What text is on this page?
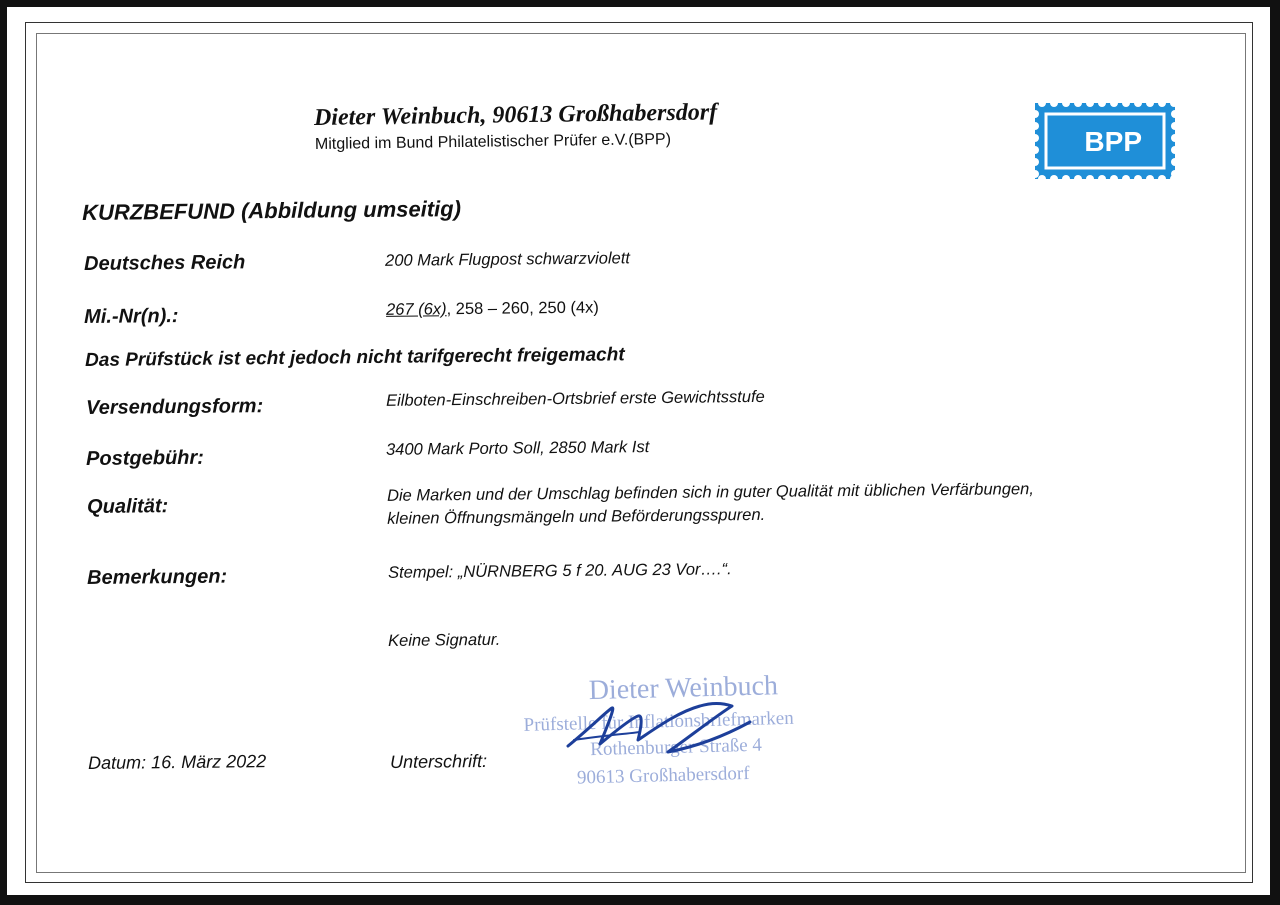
Dieter Weinbuch, 90613 Großhabersdorf
Mitglied im Bund Philatelistischer Prüfer e.V.(BPP)	BPP
KURZBEFUND (Abbildung umseitig)
Deutsches Reich	200 Mark Flugpost schwarzviolett
Mi.-Nr(n).:	267 (6x), 258 – 260, 250 (4x)
Das Prüfstück ist echt jedoch nicht tarifgerecht freigemacht
Versendungsform:	Eilboten-Einschreiben-Ortsbrief erste Gewichtsstufe
Postgebühr:	3400 Mark Porto Soll, 2850 Mark Ist
Qualität:
Die Marken und der Umschlag befinden sich in guter Qualität mit üblichen Verfärbungen,
kleinen Öffnungsmängeln und Beförderungsspuren.
Bemerkungen:	Stempel: „NÜRNBERG 5 f 20. AUG 23 Vor….“.
Keine Signatur.
Datum: 16. März 2022	Unterschrift:
Dieter Weinbuch
Prüfstelle für Inflationsbriefmarken
Rothenburger Straße 4
90613 Großhabersdorf
